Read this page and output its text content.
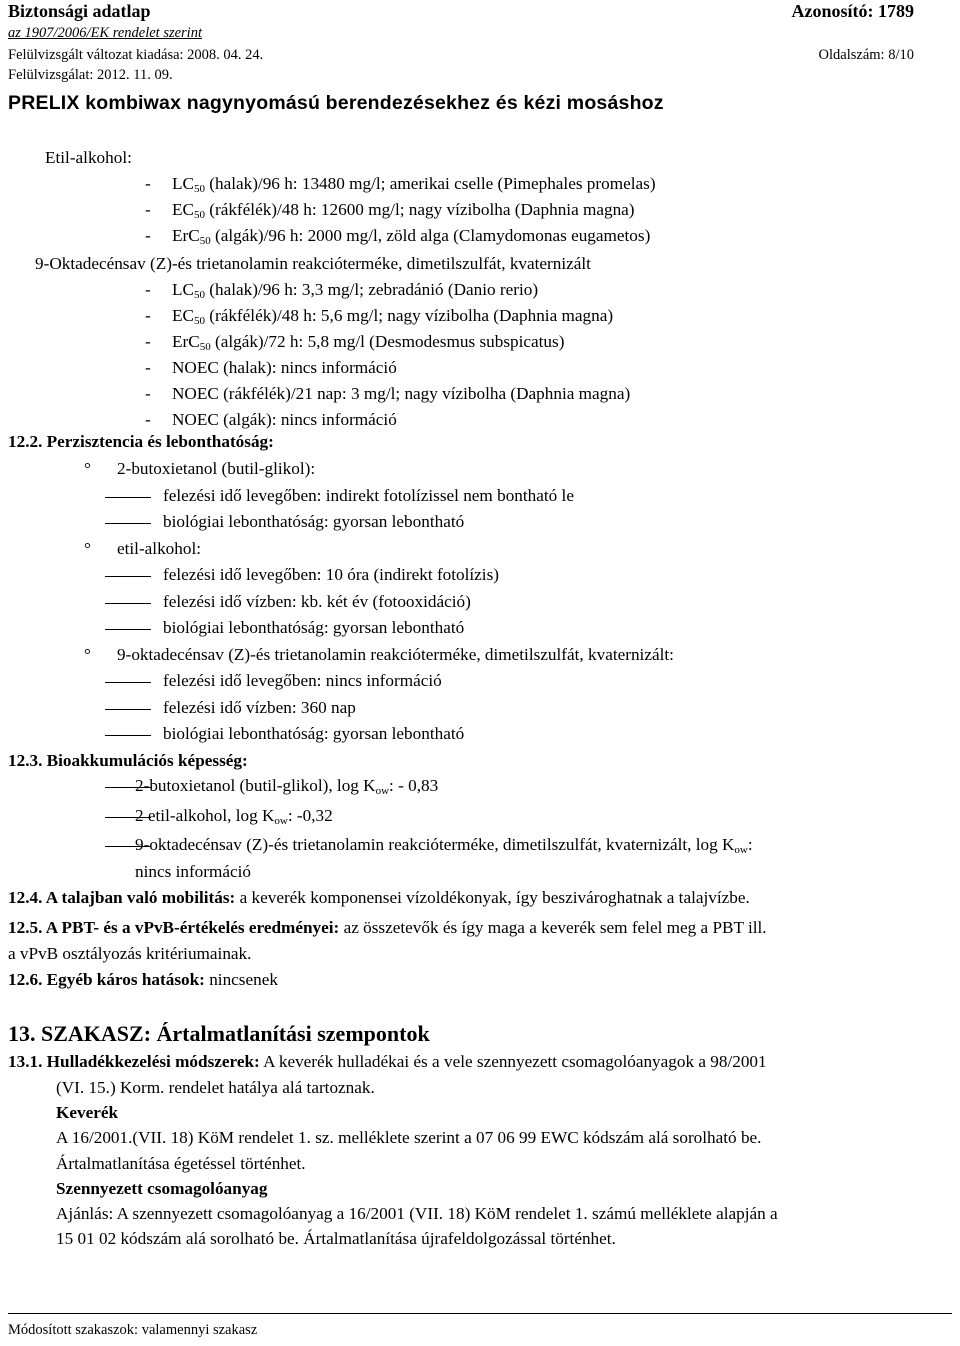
Biztonsági adatlap	Azonosító: 1789
az 1907/2006/EK rendelet szerint
Felülvizsgált változat kiadása: 2008. 04. 24.	Oldalszám: 8/10
Felülvizsgálat: 2012. 11. 09.
PRELIX kombiwax nagynyomású berendezésekhez és kézi mosáshoz
Etil-alkohol:
- $LC_{50}$ (halak)/96 h: 13480 mg/l; amerikai cselle (Pimephales promelas)
- $EC_{50}$ (rákfélék)/48 h: 12600 mg/l; nagy vízibolha (Daphnia magna)
- ErC$_{50}$ (algák)/96 h: 2000 mg/l, zöld alga (Clamydomonas eugametos)
9-Oktadecénsav (Z)-és trietanolamin reakcióterméke, dimetilszulfát, kvaternizált
- $LC_{50}$ (halak)/96 h: 3,3 mg/l; zebradánió (Danio rerio)
- $EC_{50}$ (rákfélék)/48 h: 5,6 mg/l; nagy vízibolha (Daphnia magna)
- ErC$_{50}$ (algák)/72 h: 5,8 mg/l (Desmodesmus subspicatus)
- NOEC (halak): nincs információ
- NOEC (rákfélék)/21 nap: 3 mg/l; nagy vízibolha (Daphnia magna)
- NOEC (algák): nincs információ
12.2. Perzisztencia és lebonthatóság:
° 2-butoxietanol (butil-glikol):
felezési idő levegőben: indirekt fotolízissel nem bontható le
biológiai lebonthatóság: gyorsan lebontható
° etil-alkohol:
felezési idő levegőben: 10 óra (indirekt fotolízis)
felezési idő vízben: kb. két év (fotooxidáció)
biológiai lebonthatóság: gyorsan lebontható
° 9-oktadecénsav (Z)-és trietanolamin reakcióterméke, dimetilszulfát, kvaternizált:
felezési idő levegőben: nincs információ
felezési idő vízben: 360 nap
biológiai lebonthatóság: gyorsan lebontható
12.3. Bioakkumulációs képesség:
2-butoxietanol (butil-glikol), $\log K_{ow}$: - 0,83
2 etil-alkohol, $\log K_{ow}$: -0,32
9-oktadecénsav (Z)-és trietanolamin reakcióterméke, dimetilszulfát, kvaternizált, $\log K_{ow}$:
nincs információ
12.4. A talajban való mobilitás: a keverék komponensei vízoldékonyak, így beszivároghatnak a talajvízbe.
12.5. A PBT- és a vPvB-értékelés eredményei: az összetevők és így maga a keverék sem felel meg a PBT ill.
a vPvB osztályozás kritériumainak.
12.6. Egyéb káros hatások: nincsenek
13. SZAKASZ: Ártalmatlanítási szempontok
13.1. Hulladékkezelési módszerek: A keverék hulladékai és a vele szennyezett csomagolóanyagok a 98/2001
(VI. 15.) Korm. rendelet hatálya alá tartoznak.
Keverék
A 16/2001.(VII. 18) KöM rendelet 1. sz. melléklete szerint a 07 06 99 EWC kódszám alá sorolható be.
Ártalmatlanítása égetéssel történhet.
Szennyezett csomagolóanyag
Ajánlás: A szennyezett csomagolóanyag a 16/2001 (VII. 18) KöM rendelet 1. számú melléklete alapján a
15 01 02 kódszám alá sorolható be. Ártalmatlanítása újrafeldolgozással történhet.
Módosított szakaszok: valamennyi szakasz
